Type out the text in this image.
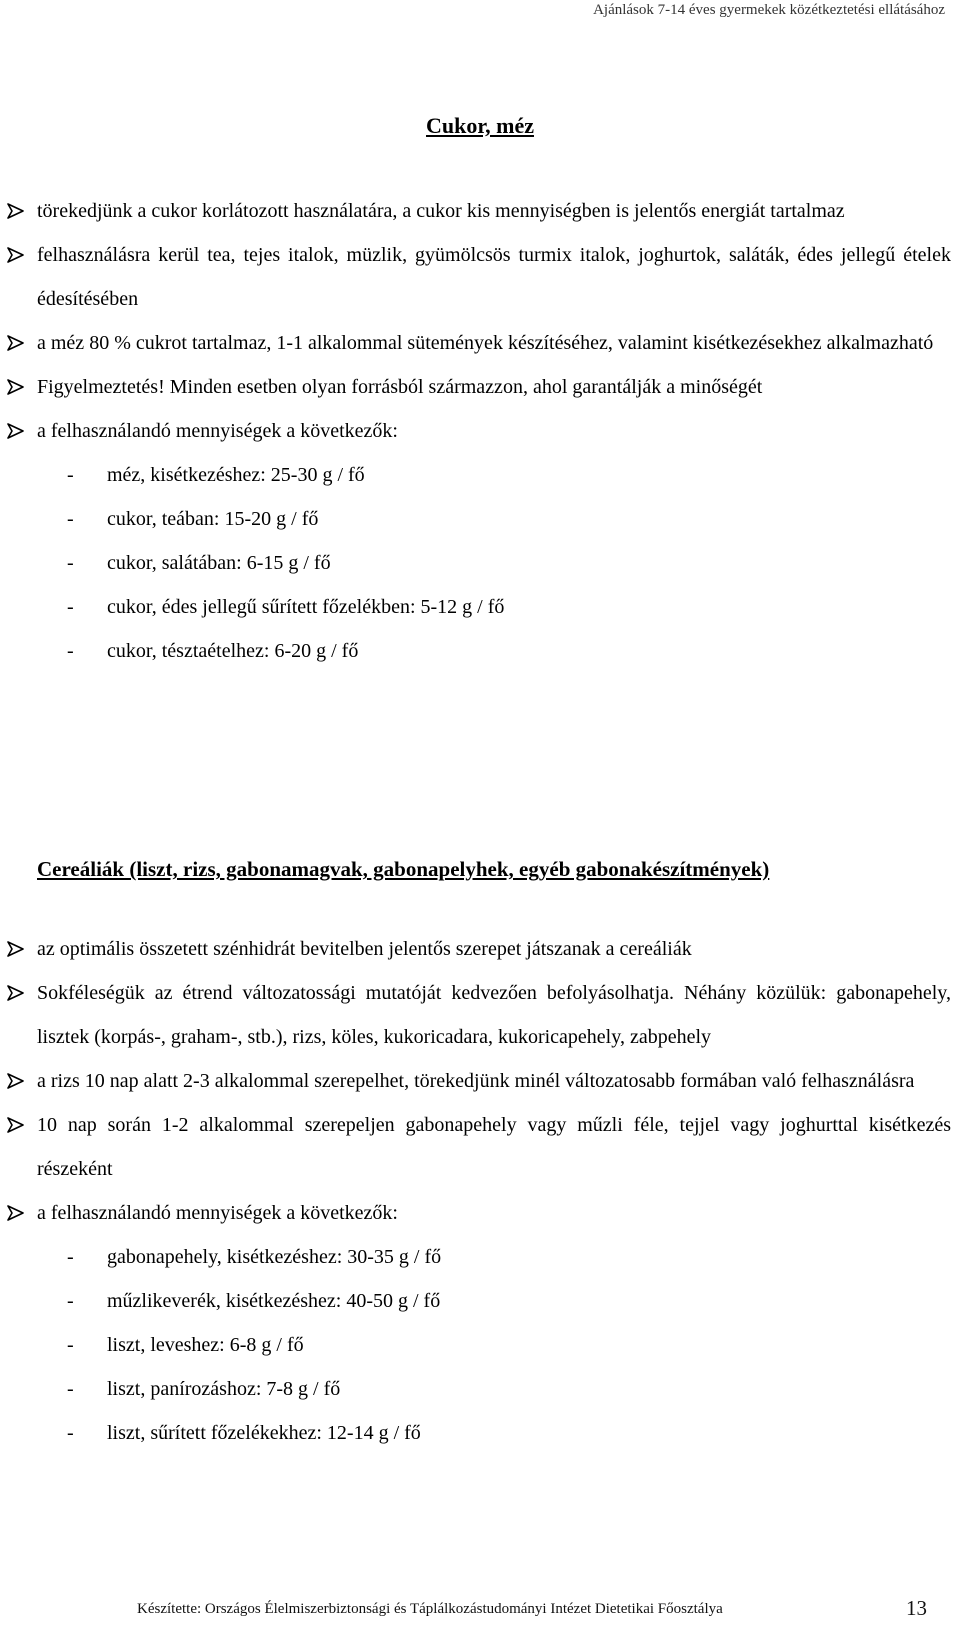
Ajánlások 7-14 éves gyermekek közétkeztetési ellátásához
Cukor, méz
törekedjünk a cukor korlátozott használatára, a cukor kis mennyiségben is jelentős energiát tartalmaz
felhasználásra kerül tea, tejes italok, müzlik, gyümölcsös turmix italok, joghurtok, saláták, édes jellegű ételek édesítésében
a méz 80 % cukrot tartalmaz, 1-1 alkalommal sütemények készítéséhez, valamint kisétkezésekhez alkalmazható
Figyelmeztetés! Minden esetben olyan forrásból származzon, ahol garantálják a minőségét
a felhasználandó mennyiségek a következők:
- méz, kisétkezéshez: 25-30 g / fő
- cukor, teában: 15-20 g / fő
- cukor, salátában: 6-15 g / fő
- cukor, édes jellegű sűrített főzelékben: 5-12 g / fő
- cukor, tésztaételhez: 6-20 g / fő
Cereáliák (liszt, rizs, gabonamagvak, gabonapelyhek, egyéb gabonakészítmények)
az optimális összetett szénhidrát bevitelben jelentős szerepet játszanak a cereáliák
Sokféleségük az étrend változatossági mutatóját kedvezően befolyásolhatja. Néhány közülük: gabonapehely, lisztek (korpás-, graham-, stb.), rizs, köles, kukoricadara, kukoricapehely, zabpehely
a rizs 10 nap alatt 2-3 alkalommal szerepelhet, törekedjünk minél változatosabb formában való felhasználásra
10 nap során 1-2 alkalommal szerepeljen gabonapehely vagy műzli féle, tejjel vagy joghurttal kisétkezés részeként
a felhasználandó mennyiségek a következők:
- gabonapehely, kisétkezéshez: 30-35 g / fő
- műzlikeverék, kisétkezéshez: 40-50 g / fő
- liszt, leveshez: 6-8 g / fő
- liszt, panírozáshoz: 7-8 g / fő
- liszt, sűrített főzelékekhez: 12-14 g / fő
Készítette: Országos Élelmiszerbiztonsági és Táplálkozástudományi Intézet Dietetikai Főosztálya	13
